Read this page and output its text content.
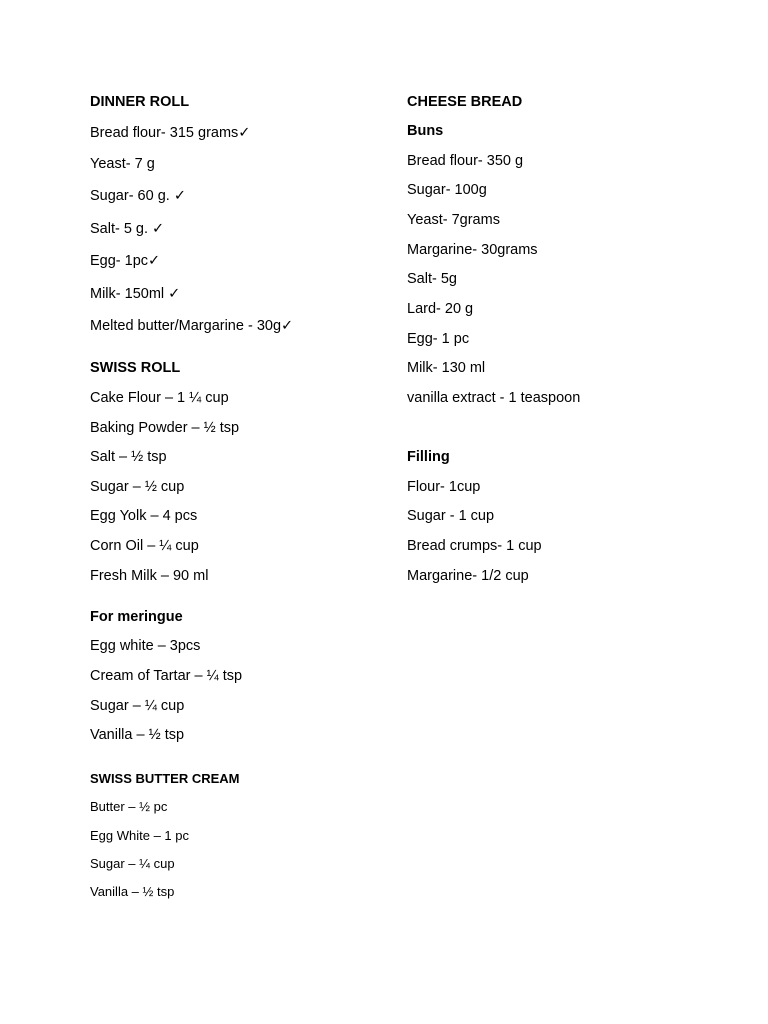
DINNER ROLL
Bread flour- 315 grams✓
Yeast- 7 g
Sugar- 60 g. ✓
Salt- 5 g. ✓
Egg- 1pc✓
Milk- 150ml ✓
Melted butter/Margarine - 30g✓
SWISS ROLL
Cake Flour – 1 ¼ cup
Baking Powder – ½ tsp
Salt – ½ tsp
Sugar – ½ cup
Egg Yolk – 4 pcs
Corn Oil – ¼ cup
Fresh Milk – 90 ml
For meringue
Egg white – 3pcs
Cream of Tartar – ¼ tsp
Sugar – ¼ cup
Vanilla – ½ tsp
SWISS BUTTER CREAM
Butter – ½ pc
Egg White – 1 pc
Sugar – ¼ cup
Vanilla – ½ tsp
CHEESE BREAD
Buns
Bread flour- 350 g
Sugar- 100g
Yeast- 7grams
Margarine- 30grams
Salt- 5g
Lard- 20 g
Egg- 1 pc
Milk- 130 ml
vanilla extract - 1 teaspoon
Filling
Flour- 1cup
Sugar - 1 cup
Bread crumps- 1 cup
Margarine- 1/2 cup
